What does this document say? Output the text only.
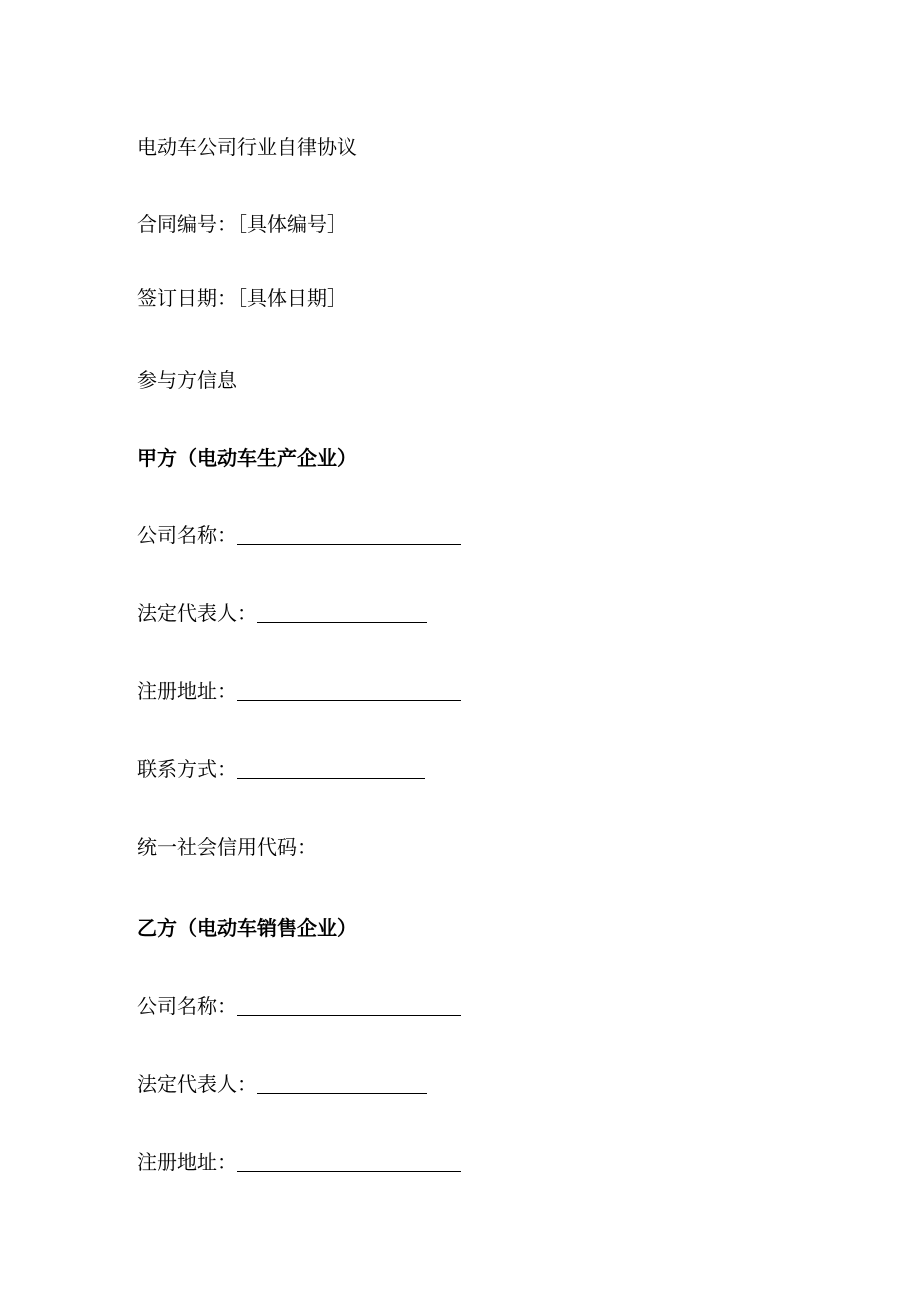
电动车公司行业自律协议
合同编号：［具体编号］
签订日期：［具体日期］
参与方信息
甲方（电动车生产企业）
公司名称：
法定代表人：
注册地址：
联系方式：
统一社会信用代码：
乙方（电动车销售企业）
公司名称：
法定代表人：
注册地址：
